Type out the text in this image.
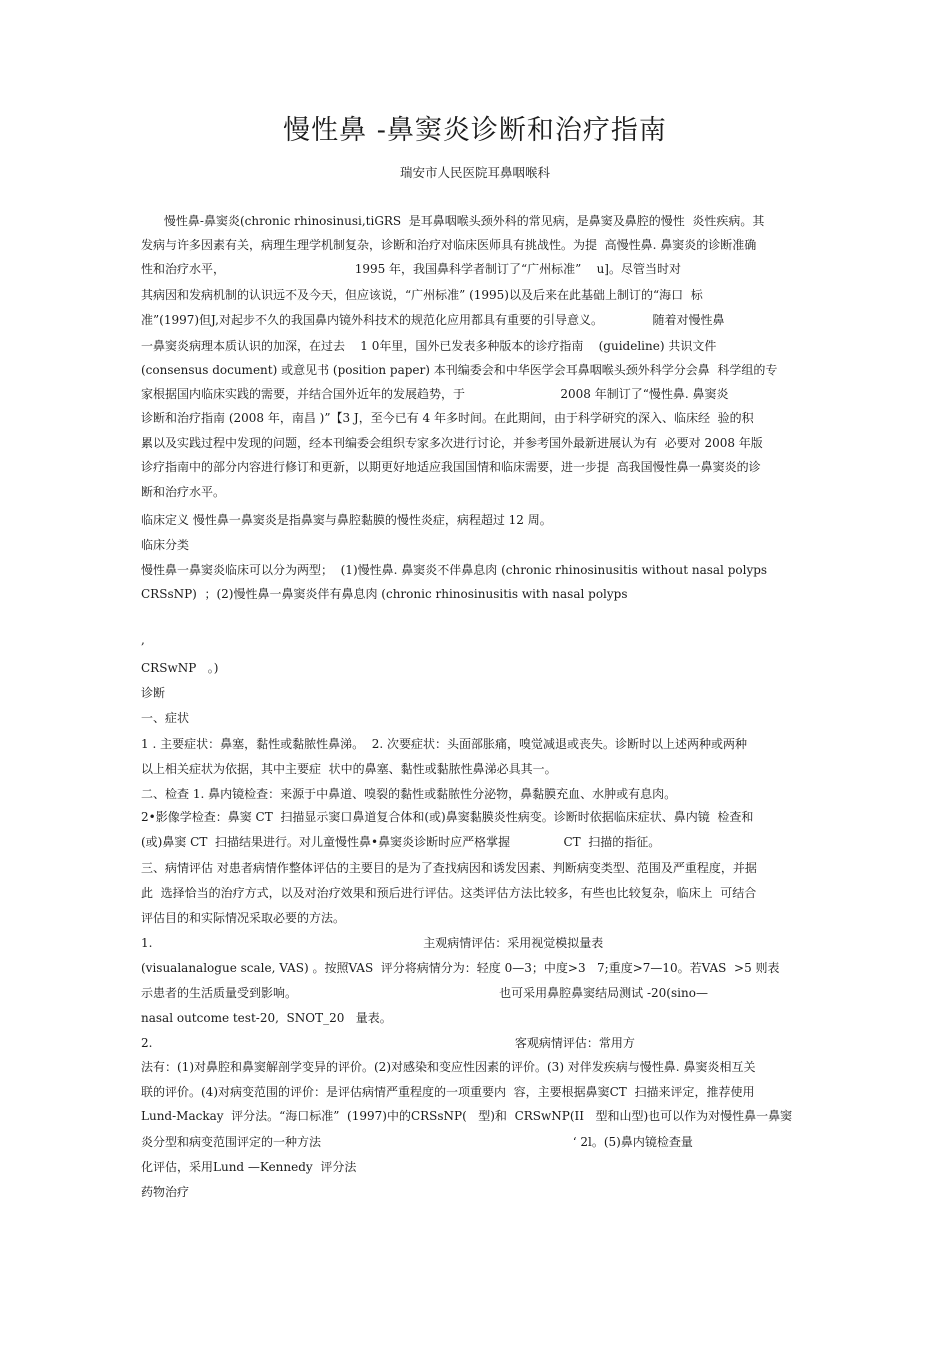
慢性鼻 -鼻窦炎诊断和治疗指南

瑞安市人民医院耳鼻咽喉科

慢性鼻-鼻窦炎(chronic rhinosinusi,tiGRS  是耳鼻咽喉头颈外科的常见病，是鼻窦及鼻腔的慢性  炎性疾病。其

发病与许多因素有关，病理生理学机制复杂，诊断和治疗对临床医师具有挑战性。为提  高慢性鼻. 鼻窦炎的诊断准确

性和治疗水平，                                  1995 年，我国鼻科学者制订了“广州标准”    u]。尽管当时对

其病因和发病机制的认识远不及今天，但应该说，“广州标准” (1995)以及后来在此基础上制订的“海口  标

准”(1997)但J,对起步不久的我国鼻内镜外科技术的规范化应用都具有重要的引导意义。             随着对慢性鼻

一鼻窦炎病理本质认识的加深，在过去    1 0年里，国外已发表多种版本的诊疗指南    (guideline) 共识文件

(consensus document) 或意见书 (position paper) 本刊编委会和中华医学会耳鼻咽喉头颈外科学分会鼻  科学组的专

家根据国内临床实践的需要，并结合国外近年的发展趋势，于                         2008 年制订了“慢性鼻. 鼻窦炎

诊断和治疗指南 (2008 年，南昌 )”【3 J，至今已有 4 年多时间。在此期间，由于科学研究的深入、临床经  验的积

累以及实践过程中发现的问题，经本刊编委会组织专家多次进行讨论，并参考国外最新进展认为有  必要对 2008 年版

诊疗指南中的部分内容进行修订和更新，以期更好地适应我国国情和临床需要，进一步提  高我国慢性鼻一鼻窦炎的诊

断和治疗水平。

临床定义 慢性鼻一鼻窦炎是指鼻窦与鼻腔黏膜的慢性炎症，病程超过 12 周。

临床分类

慢性鼻一鼻窦炎临床可以分为两型；  (1)慢性鼻. 鼻窦炎不伴鼻息肉 (chronic rhinosinusitis without nasal polyps

CRSsNP)  ；(2)慢性鼻一鼻窦炎伴有鼻息肉 (chronic rhinosinusitis with nasal polyps

,

CRSwNP   。)

诊断

一、症状

1 . 主要症状：鼻塞，黏性或黏脓性鼻涕。  2. 次要症状：头面部胀痛，嗅觉减退或丧失。诊断时以上述两种或两种

以上相关症状为依据，其中主要症  状中的鼻塞、黏性或黏脓性鼻涕必具其一。

二、检查 1. 鼻内镜检查：来源于中鼻道、嗅裂的黏性或黏脓性分泌物，鼻黏膜充血、水肿或有息肉。

2•影像学检查：鼻窦 CT  扫描显示窦口鼻道复合体和(或)鼻窦黏膜炎性病变。诊断时依据临床症状、鼻内镜  检查和

(或)鼻窦 CT  扫描结果进行。对儿童慢性鼻•鼻窦炎诊断时应严格掌握              CT  扫描的指征。

三、病情评估 对患者病情作整体评估的主要目的是为了查找病因和诱发因素、判断病变类型、范围及严重程度，并据

此  选择恰当的治疗方式，以及对治疗效果和预后进行评估。这类评估方法比较多，有些也比较复杂，临床上  可结合

评估目的和实际情况采取必要的方法。

1.                                                                       主观病情评估：采用视觉模拟量表

(visualanalogue scale, VAS) 。按照VAS  评分将病情分为：轻度 0—3；中度>3   7;重度>7—10。若VAS  >5 则表

示患者的生活质量受到影响。                                                     也可采用鼻腔鼻窦结局测试 -20(sino—

nasal outcome test-20,  SNOT_20   量表。

2.                                                                                               客观病情评估：常用方

法有：(1)对鼻腔和鼻窦解剖学变异的评价。(2)对感染和变应性因素的评价。(3) 对伴发疾病与慢性鼻. 鼻窦炎相互关

联的评价。(4)对病变范围的评价：是评估病情严重程度的一项重要内  容，主要根据鼻窦CT  扫描来评定，推荐使用

Lund-Mackay  评分法。“海口标准”  (1997)中的CRSsNP(   型)和  CRSwNP(II   型和山型)也可以作为对慢性鼻一鼻窦

炎分型和病变范围评定的一种方法                                                                  ‘ 2l。(5)鼻内镜检查量

化评估，采用Lund —Kennedy  评分法

药物治疗
